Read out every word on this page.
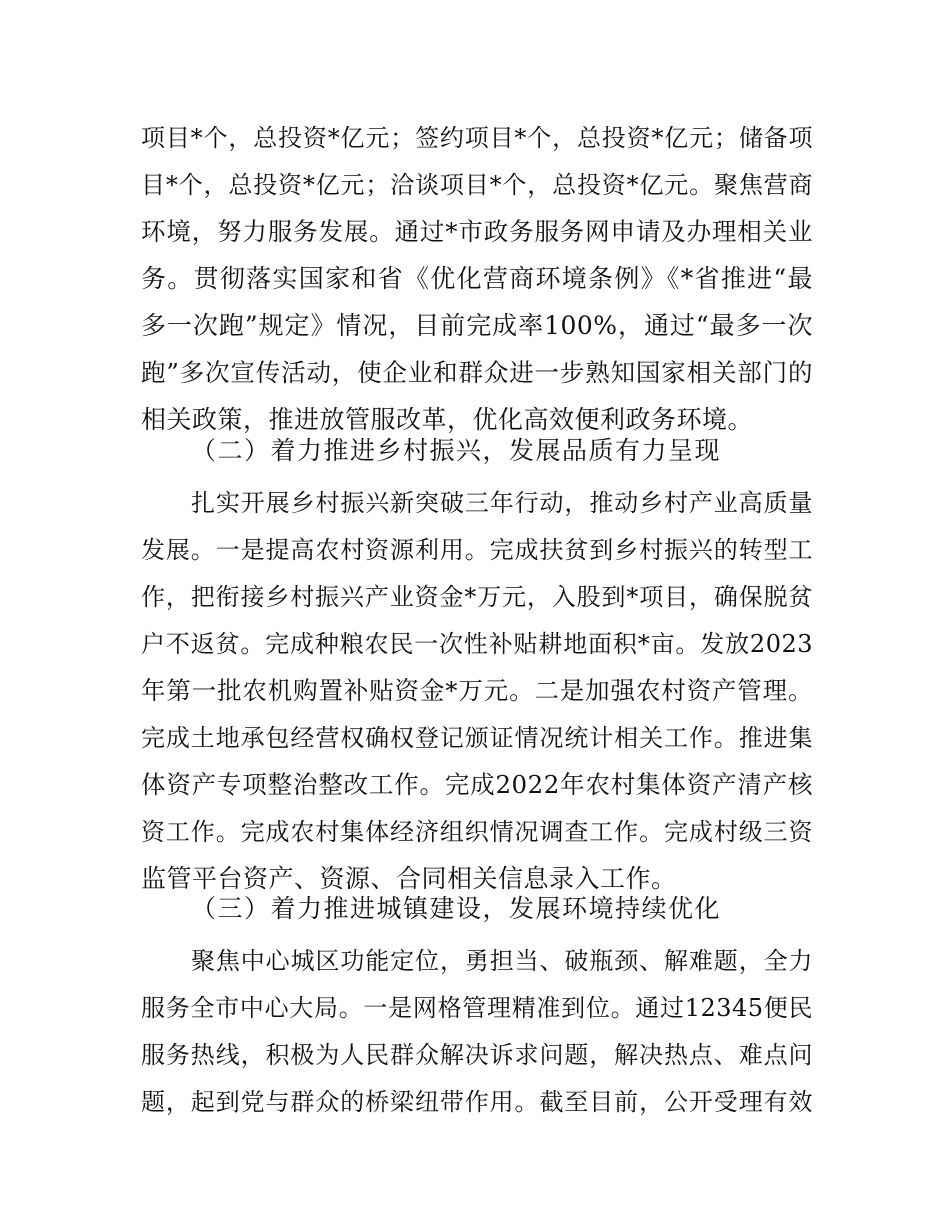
项目*个，总投资*亿元；签约项目*个，总投资*亿元；储备项
目*个，总投资*亿元；洽谈项目*个，总投资*亿元。聚焦营商
环境，努力服务发展。通过*市政务服务网申请及办理相关业
务。贯彻落实国家和省《优化营商环境条例》《*省推进“最
多一次跑”规定》情况，目前完成率100%，通过“最多一次
跑”多次宣传活动，使企业和群众进一步熟知国家相关部门的
相关政策，推进放管服改革，优化高效便利政务环境。
（二）着力推进乡村振兴，发展品质有力呈现
扎实开展乡村振兴新突破三年行动，推动乡村产业高质量
发展。一是提高农村资源利用。完成扶贫到乡村振兴的转型工
作，把衔接乡村振兴产业资金*万元，入股到*项目，确保脱贫
户不返贫。完成种粮农民一次性补贴耕地面积*亩。发放2023
年第一批农机购置补贴资金*万元。二是加强农村资产管理。
完成土地承包经营权确权登记颁证情况统计相关工作。推进集
体资产专项整治整改工作。完成2022年农村集体资产清产核
资工作。完成农村集体经济组织情况调查工作。完成村级三资
监管平台资产、资源、合同相关信息录入工作。
（三）着力推进城镇建设，发展环境持续优化
聚焦中心城区功能定位，勇担当、破瓶颈、解难题，全力
服务全市中心大局。一是网格管理精准到位。通过12345便民
服务热线，积极为人民群众解决诉求问题，解决热点、难点问
题，起到党与群众的桥梁纽带作用。截至目前，公开受理有效
